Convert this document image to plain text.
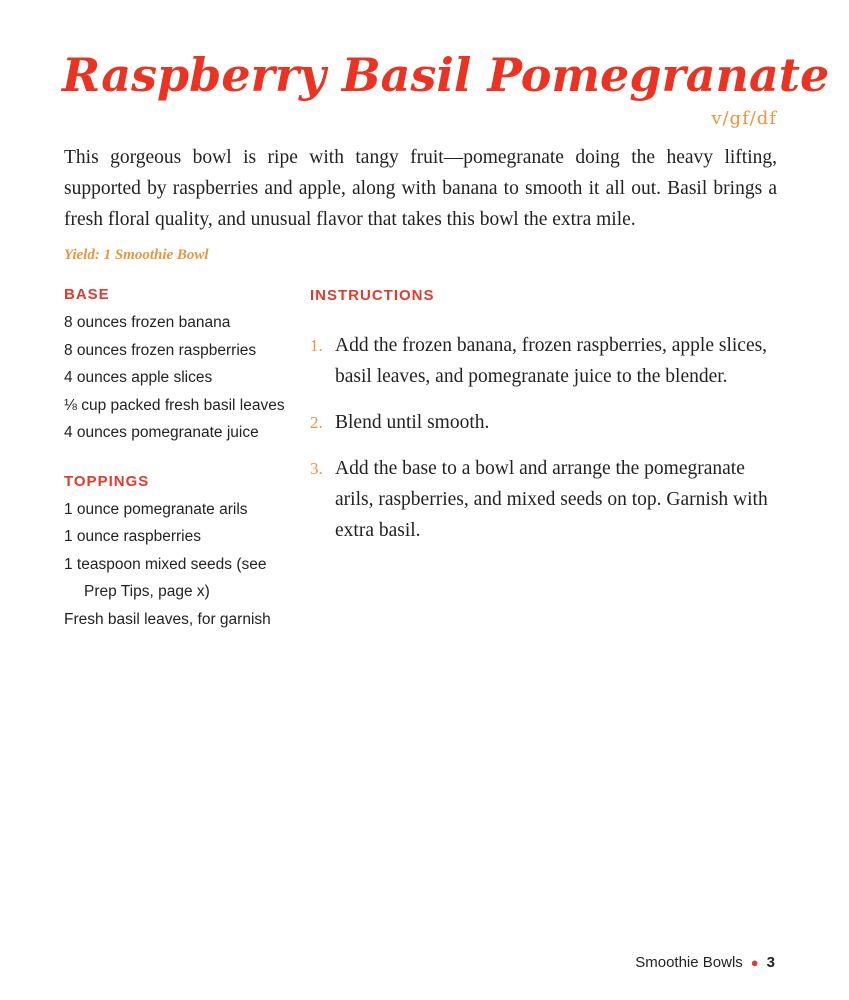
Raspberry Basil Pomegranate
v/gf/df

This gorgeous bowl is ripe with tangy fruit—pomegranate doing the heavy lifting, supported by raspberries and apple, along with banana to smooth it all out. Basil brings a fresh floral quality, and unusual flavor that takes this bowl the extra mile.

Yield: 1 Smoothie Bowl
BASE
8 ounces frozen banana
8 ounces frozen raspberries
4 ounces apple slices
⅛ cup packed fresh basil leaves
4 ounces pomegranate juice
TOPPINGS
1 ounce pomegranate arils
1 ounce raspberries
1 teaspoon mixed seeds (see Prep Tips, page x)
Fresh basil leaves, for garnish
INSTRUCTIONS
1. Add the frozen banana, frozen raspberries, apple slices, basil leaves, and pomegranate juice to the blender.
2. Blend until smooth.
3. Add the base to a bowl and arrange the pomegranate arils, raspberries, and mixed seeds on top. Garnish with extra basil.
Smoothie Bowls ● 3
